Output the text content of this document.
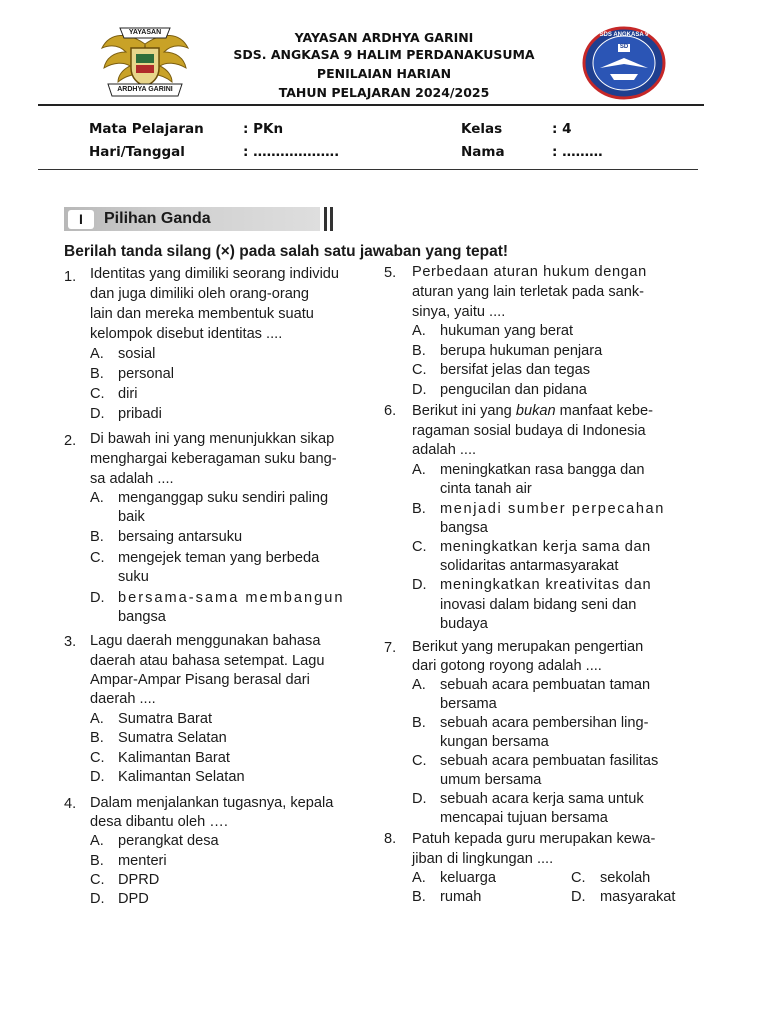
YAYASAN
ARDHYA GARINI
YAYASAN ARDHYA GARINI
SDS. ANGKASA 9 HALIM PERDANAKUSUMA
PENILAIAN HARIAN
TAHUN PELAJARAN 2024/2025
SDS ANGKASA 9
SD
Mata Pelajaran	: PKn	Kelas	: 4
Hari/Tanggal	: ……………….	Nama	: ………
I	Pilihan Ganda
Berilah tanda silang (×) pada salah satu jawaban yang tepat!
1. Identitas yang dimiliki seorang individu
dan juga dimiliki oleh orang-orang
lain dan mereka membentuk suatu
kelompok disebut identitas ....
A. sosial
B. personal
C. diri
D. pribadi
2. Di bawah ini yang menunjukkan sikap
menghargai keberagaman suku bang-
sa adalah ....
A. menganggap suku sendiri paling
baik
B. bersaing antarsuku
C. mengejek teman yang berbeda
suku
D. bersama-sama membangun
bangsa
3. Lagu daerah menggunakan bahasa
daerah atau bahasa setempat. Lagu
Ampar-Ampar Pisang berasal dari
daerah ....
A. Sumatra Barat
B. Sumatra Selatan
C. Kalimantan Barat
D. Kalimantan Selatan
4. Dalam menjalankan tugasnya, kepala
desa dibantu oleh ….
A. perangkat desa
B. menteri
C. DPRD
D. DPD
5. Perbedaan aturan hukum dengan
aturan yang lain terletak pada sank-
sinya, yaitu ....
A. hukuman yang berat
B. berupa hukuman penjara
C. bersifat jelas dan tegas
D. pengucilan dan pidana
6. Berikut ini yang bukan manfaat kebe-
ragaman sosial budaya di Indonesia
adalah ....
A. meningkatkan rasa bangga dan
cinta tanah air
B. menjadi sumber perpecahan
bangsa
C. meningkatkan kerja sama dan
solidaritas antarmasyarakat
D. meningkatkan kreativitas dan
inovasi dalam bidang seni dan
budaya
7. Berikut yang merupakan pengertian
dari gotong royong adalah ....
A. sebuah acara pembuatan taman
bersama
B. sebuah acara pembersihan ling-
kungan bersama
C. sebuah acara pembuatan fasilitas
umum bersama
D. sebuah acara kerja sama untuk
mencapai tujuan bersama
8. Patuh kepada guru merupakan kewa-
jiban di lingkungan ....
A. keluarga
B. rumah
C. sekolah
D. masyarakat
